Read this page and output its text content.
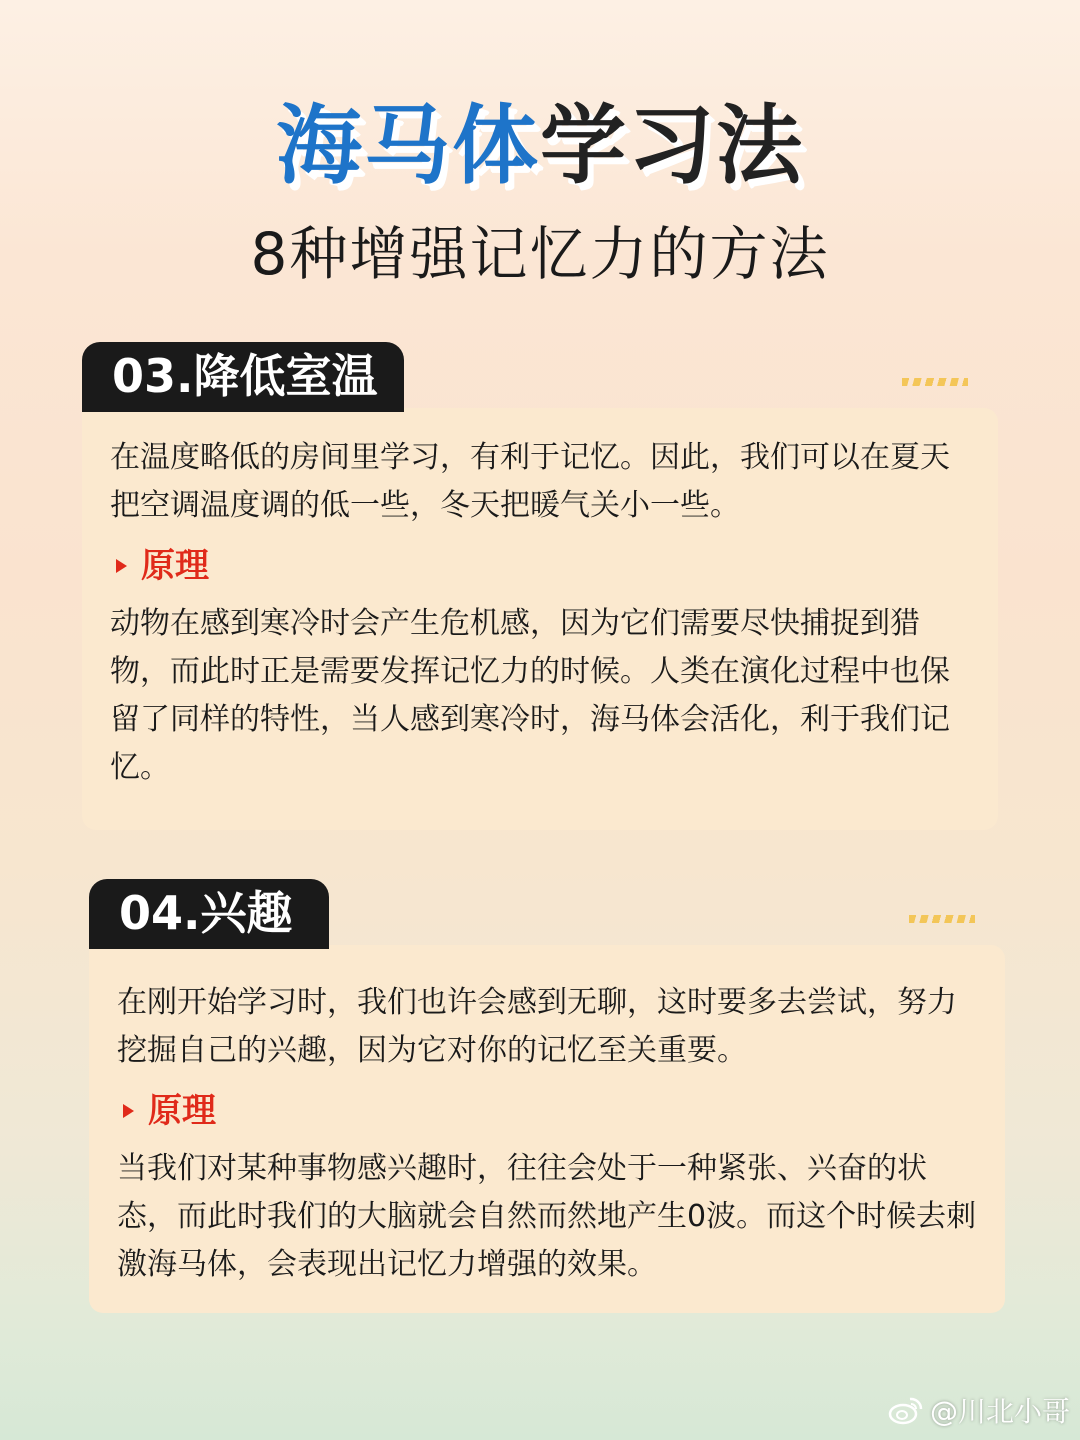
海马体学习法
8种增强记忆力的方法
03.降低室温

在温度略低的房间里学习，有利于记忆。因此，我们可以在夏天把空调温度调的低一些，冬天把暖气关小一些。

原理

动物在感到寒冷时会产生危机感，因为它们需要尽快捕捉到猎物，而此时正是需要发挥记忆力的时候。人类在演化过程中也保留了同样的特性，当人感到寒冷时，海马体会活化，利于我们记忆。

04.兴趣

在刚开始学习时，我们也许会感到无聊，这时要多去尝试，努力挖掘自己的兴趣，因为它对你的记忆至关重要。

原理

当我们对某种事物感兴趣时，往往会处于一种紧张、兴奋的状态，而此时我们的大脑就会自然而然地产生0波。而这个时候去刺激海马体，会表现出记忆力增强的效果。

@川北小哥
